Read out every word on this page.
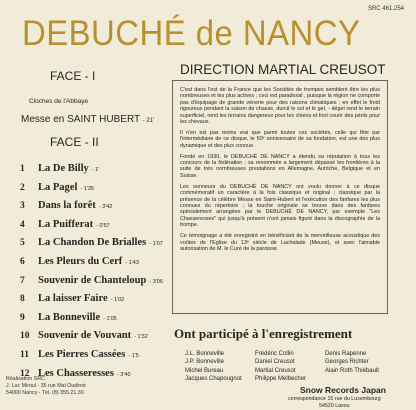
SRC 461,254
DEBUCHÉ de NANCY
DIRECTION MARTIAL CREUSOT
FACE - I
Cloches de l'Abbaye
Messe en SAINT HUBERT - 21'
FACE - II
1 La De Billy - 1'
2 La Pagel - 1'35
3 Dans la forêt - 3'42
4 La Puifferat - 0'57
5 La Chandon De Brialles - 1'07
6 Les Pleurs du Cerf - 1'43
7 Souvenir de Chanteloup - 3'06
8 La laisser Faire - 1'02
9 La Bonneville - 1'05
10 Souvenir de Vouvant - 1'32
11 Les Pierres Cassées - 1'5
12 Les Chasseresses - 3'40

C'est dans l'est de la France que les Sociétés de trompes semblent être les plus nombreuses et les plus actives ; ceci est paradoxal , puisque la région ne comporte pas d'équipage de grande vénerie pour des raisons climatiques ; en effet le froid rigoureux pendant la saison de chasse, durcit le sol et le gel, - dégel rend le terrain superficiel, rend les terrains dangereux pour les chiens et font courir des périls pour les chevaux.

Il n'en est pas moins vrai que parmi toutes ces sociétés, celle qui fête par l'intermédiaire de ce disque, le 50ᵉ anniversaire de sa fondation, est une des plus dynamique et des plus connue.

Fondé en 1930, le DEBUCHÉ DE NANCY a étendu sa réputation à tous les concours de la fédération ; sa renommée a largement dépassé les frontières à la suite de très nombreuses prestations en Allemagne, Autriche, Belgique et en Suisse.

Les sonneurs du DEBUCHÉ DE NANCY ont voulu donner à ce disque commémoratif un caractère à la fois classique et original ; classique par la présence de la célèbre Messe en Saint-Hubert et l'exécution des fanfares les plus connues du répertoire ; la touche originale se trouve dans des fanfares spécialement arrangées par le DEBUCHÉ DE NANCY, par exemple "Les Chasseresses" qui jusqu'à présent n'ont jamais figuré dans la discographie de la trompe.

Ce témoignage a été enregistré en bénéficiant de la merveilleuse acoustique des voûtes de l'Eglise du 13ᵉ siècle de Lachalade (Meuse), et avec l'aimable autorisation de M. le Curé de la paroisse.

Ont participé à l'enregistrement
J.L. Bonneville	Frédéric Collin	Denis Rapenne
J.P. Bonneville	Daniel Creusot	Georges Richter
Michel Bureau	Martial Creusot	Alain Roth Thiébault
Jacques Chapougnot	Philippe Melbecher
Réalisation SRC
J. Luc Miroul - 35 rue Mal Oudinot
54000 Nancy - Tél. (8) 355.21.30	Snow Records Japan
correspondance 15 rue du Luxembourg
54520 Laxou
